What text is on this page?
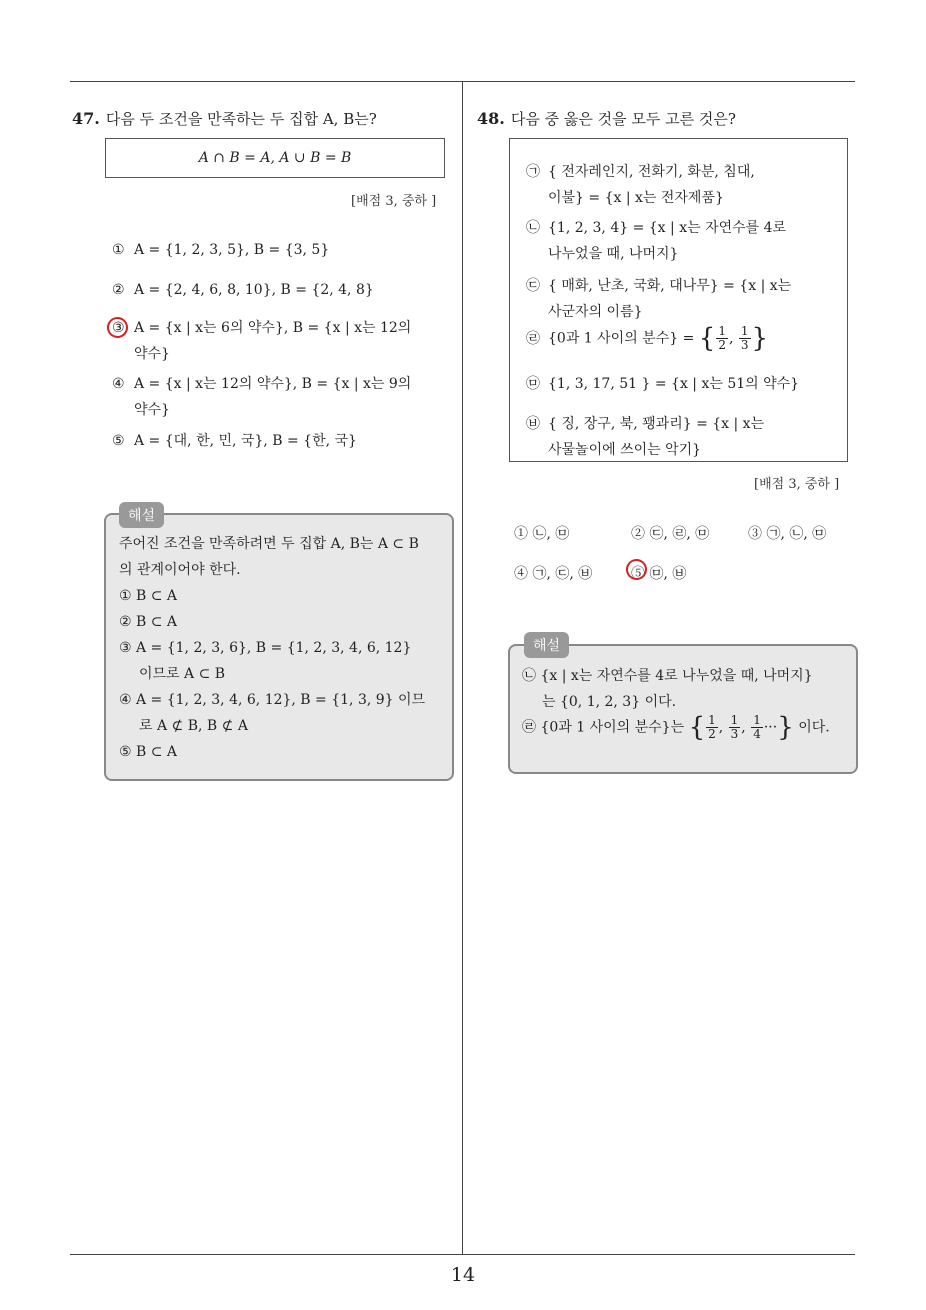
47. 다음 두 조건을 만족하는 두 집합 A, B는?
A ∩ B = A, A ∪ B = B
[배점 3, 중하 ]
① A = {1, 2, 3, 5}, B = {3, 5}
② A = {2, 4, 6, 8, 10}, B = {2, 4, 8}
③ A = {x | x는 6의 약수}, B = {x | x는 12의
약수}
④ A = {x | x는 12의 약수}, B = {x | x는 9의
약수}
⑤ A = {대, 한, 민, 국}, B = {한, 국}
해설
주어진 조건을 만족하려면 두 집합 A, B는 A ⊂ B
의 관계이어야 한다.
① B ⊂ A
② B ⊂ A
③ A = {1, 2, 3, 6}, B = {1, 2, 3, 4, 6, 12}
이므로 A ⊂ B
④ A = {1, 2, 3, 4, 6, 12}, B = {1, 3, 9} 이므
로 A ⊄ B, B ⊄ A
⑤ B ⊂ A
48. 다음 중 옳은 것을 모두 고른 것은?
㉠ { 전자레인지, 전화기, 화분, 침대,
이불} = {x | x는 전자제품}
㉡ {1, 2, 3, 4} = {x | x는 자연수를 4로
나누었을 때, 나머지}
㉢ { 매화, 난초, 국화, 대나무} = {x | x는
사군자의 이름}
㉣ {0과 1 사이의 분수} = { $\frac{1}{2}$ , $\frac{1}{3}$ }
㉤ {1, 3, 17, 51 } = {x | x는 51의 약수}
㉥ { 징, 장구, 북, 꽹과리} = {x | x는
사물놀이에 쓰이는 악기}
[배점 3, 중하 ]
① ㉡, ㉤	② ㉢, ㉣, ㉤	③ ㉠, ㉡, ㉤
④ ㉠, ㉢, ㉥	⑤ ㉤, ㉥
해설
㉡ {x | x는 자연수를 4로 나누었을 때, 나머지}
는 {0, 1, 2, 3} 이다.
㉣ {0과 1 사이의 분수}는 { $\frac{1}{2}$ , $\frac{1}{3}$ , $\frac{1}{4}$ ···} 이다.
14
